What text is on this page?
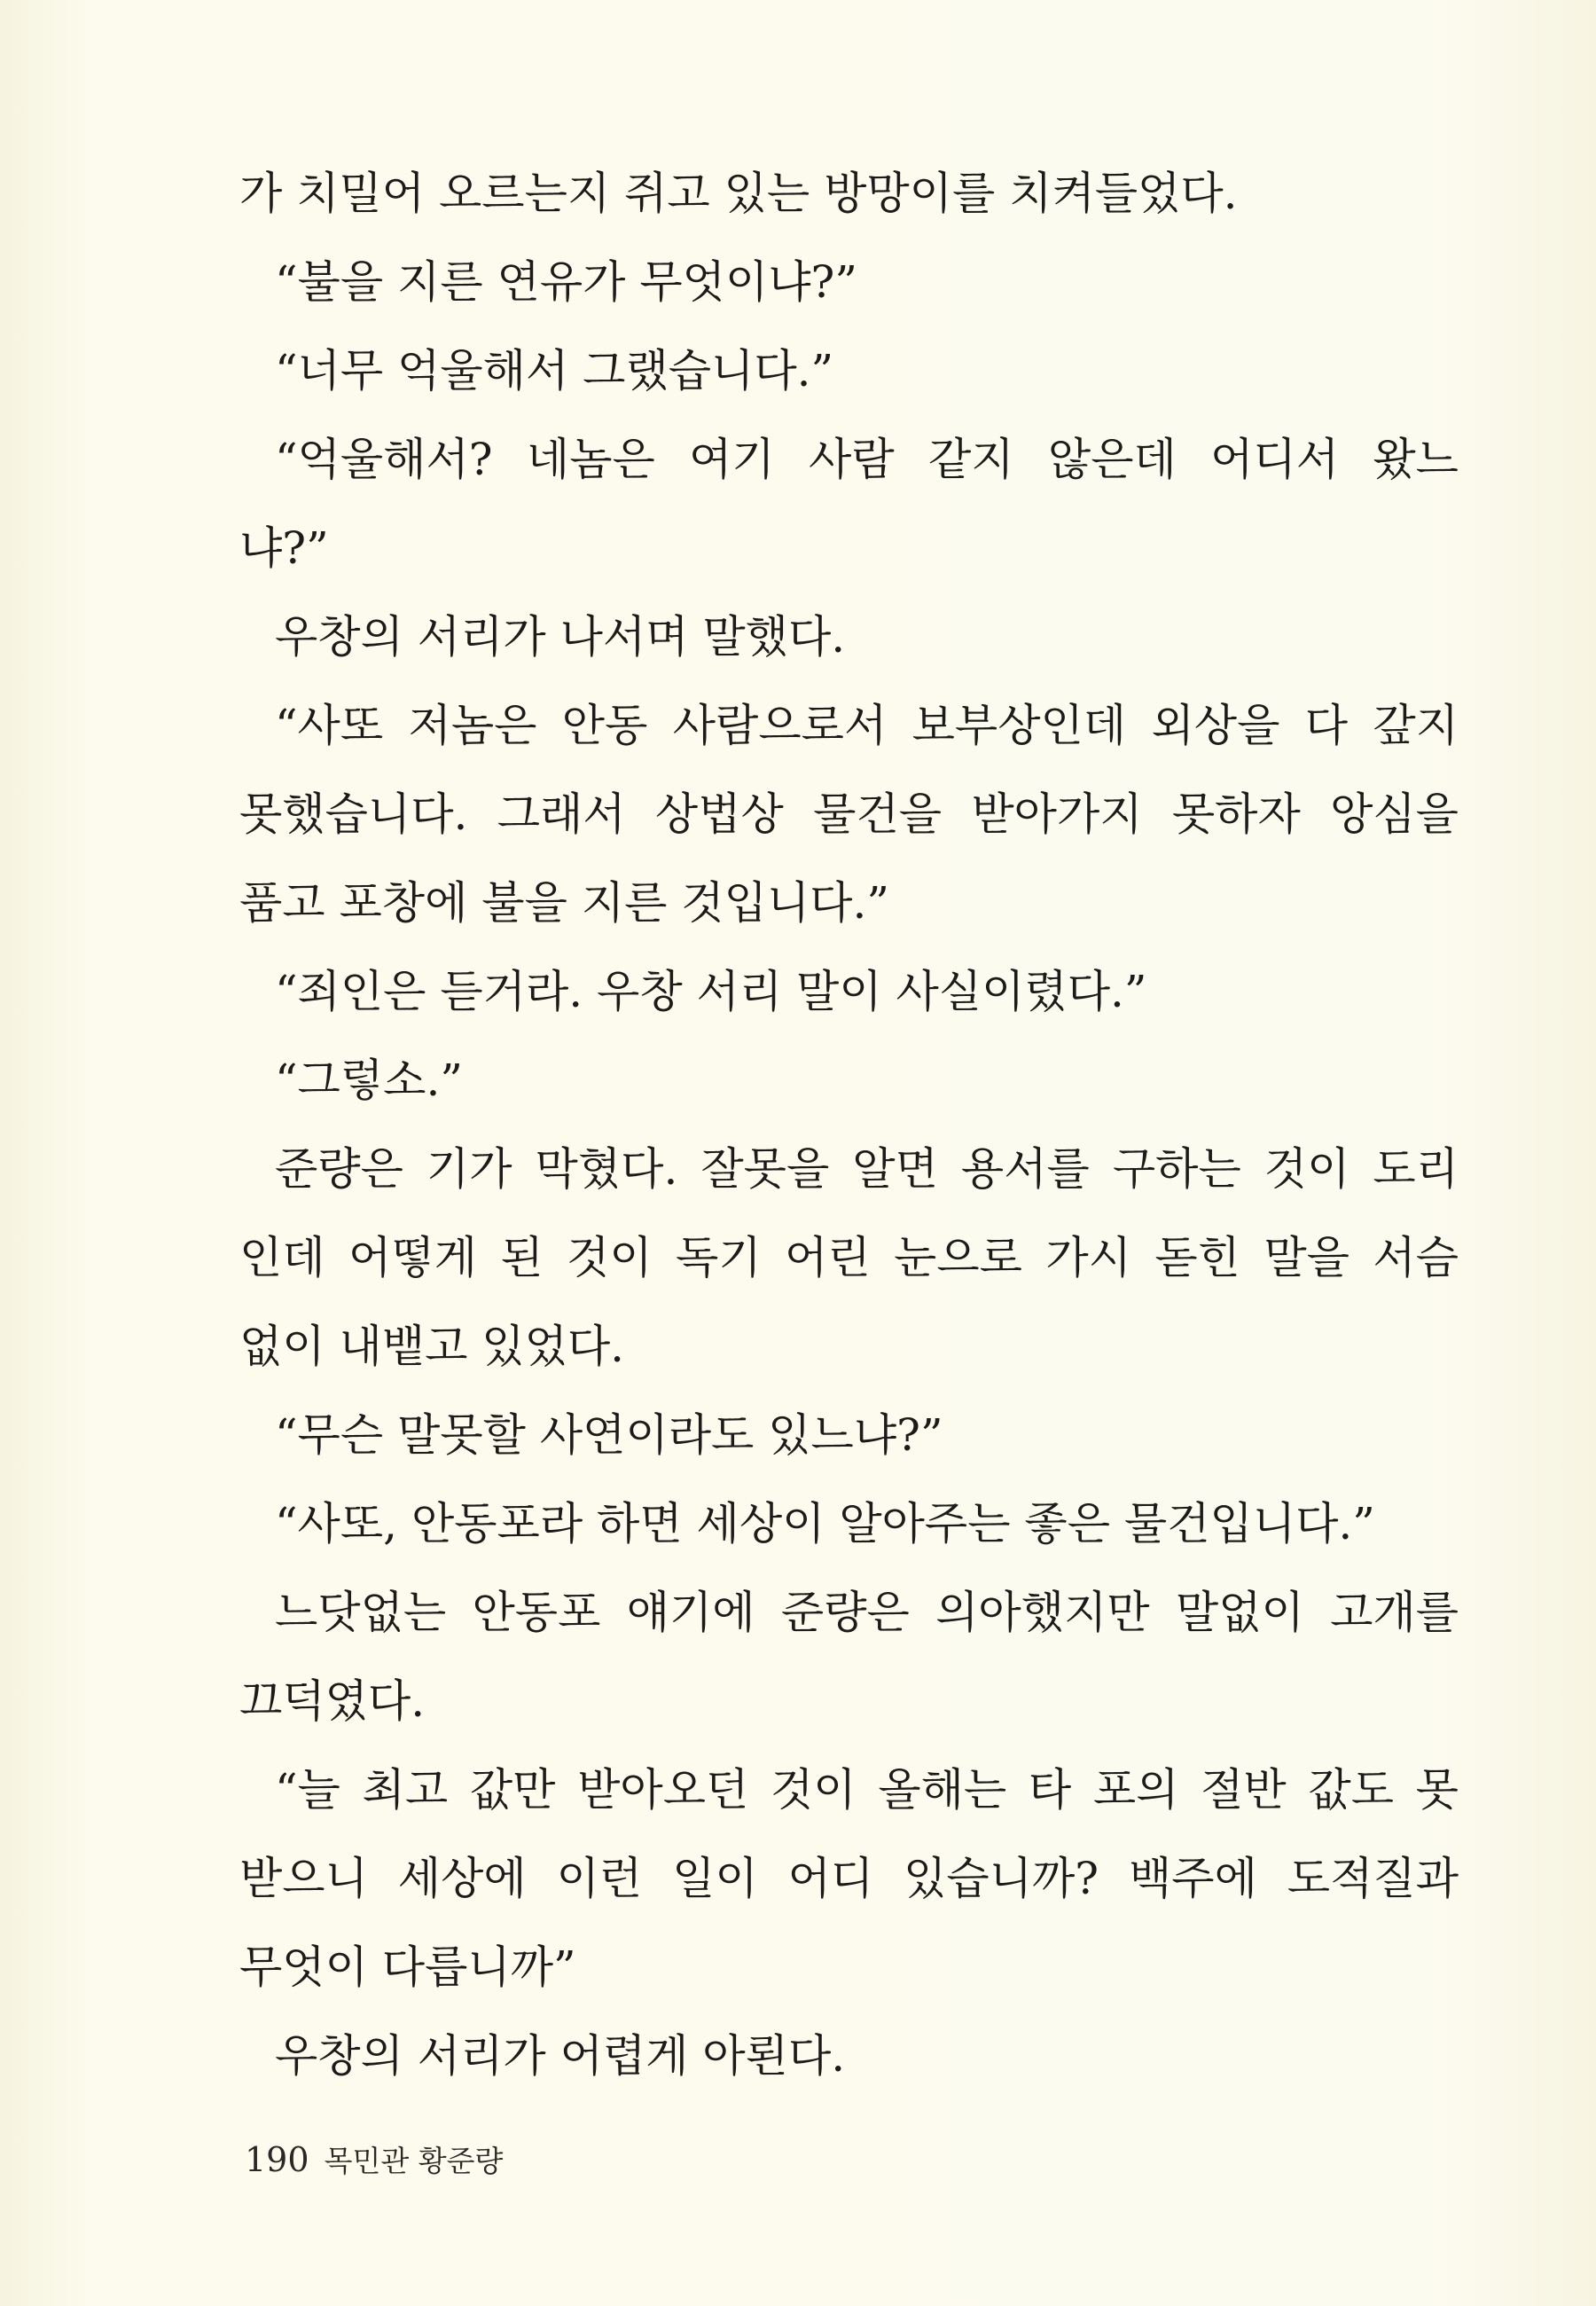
가 치밀어 오르는지 쥐고 있는 방망이를 치켜들었다.
“불을 지른 연유가 무엇이냐?”
“너무 억울해서 그랬습니다.”
“억울해서? 네놈은 여기 사람 같지 않은데 어디서 왔느
냐?”
우창의 서리가 나서며 말했다.
“사또 저놈은 안동 사람으로서 보부상인데 외상을 다 갚지
못했습니다. 그래서 상법상 물건을 받아가지 못하자 앙심을
품고 포창에 불을 지른 것입니다.”
“죄인은 듣거라. 우창 서리 말이 사실이렸다.”
“그렇소.”
준량은 기가 막혔다. 잘못을 알면 용서를 구하는 것이 도리
인데 어떻게 된 것이 독기 어린 눈으로 가시 돋힌 말을 서슴
없이 내뱉고 있었다.
“무슨 말못할 사연이라도 있느냐?”
“사또, 안동포라 하면 세상이 알아주는 좋은 물건입니다.”
느닷없는 안동포 얘기에 준량은 의아했지만 말없이 고개를
끄덕였다.
“늘 최고 값만 받아오던 것이 올해는 타 포의 절반 값도 못
받으니 세상에 이런 일이 어디 있습니까? 백주에 도적질과
무엇이 다릅니까”
우창의 서리가 어렵게 아뢴다.
190 목민관 황준량
